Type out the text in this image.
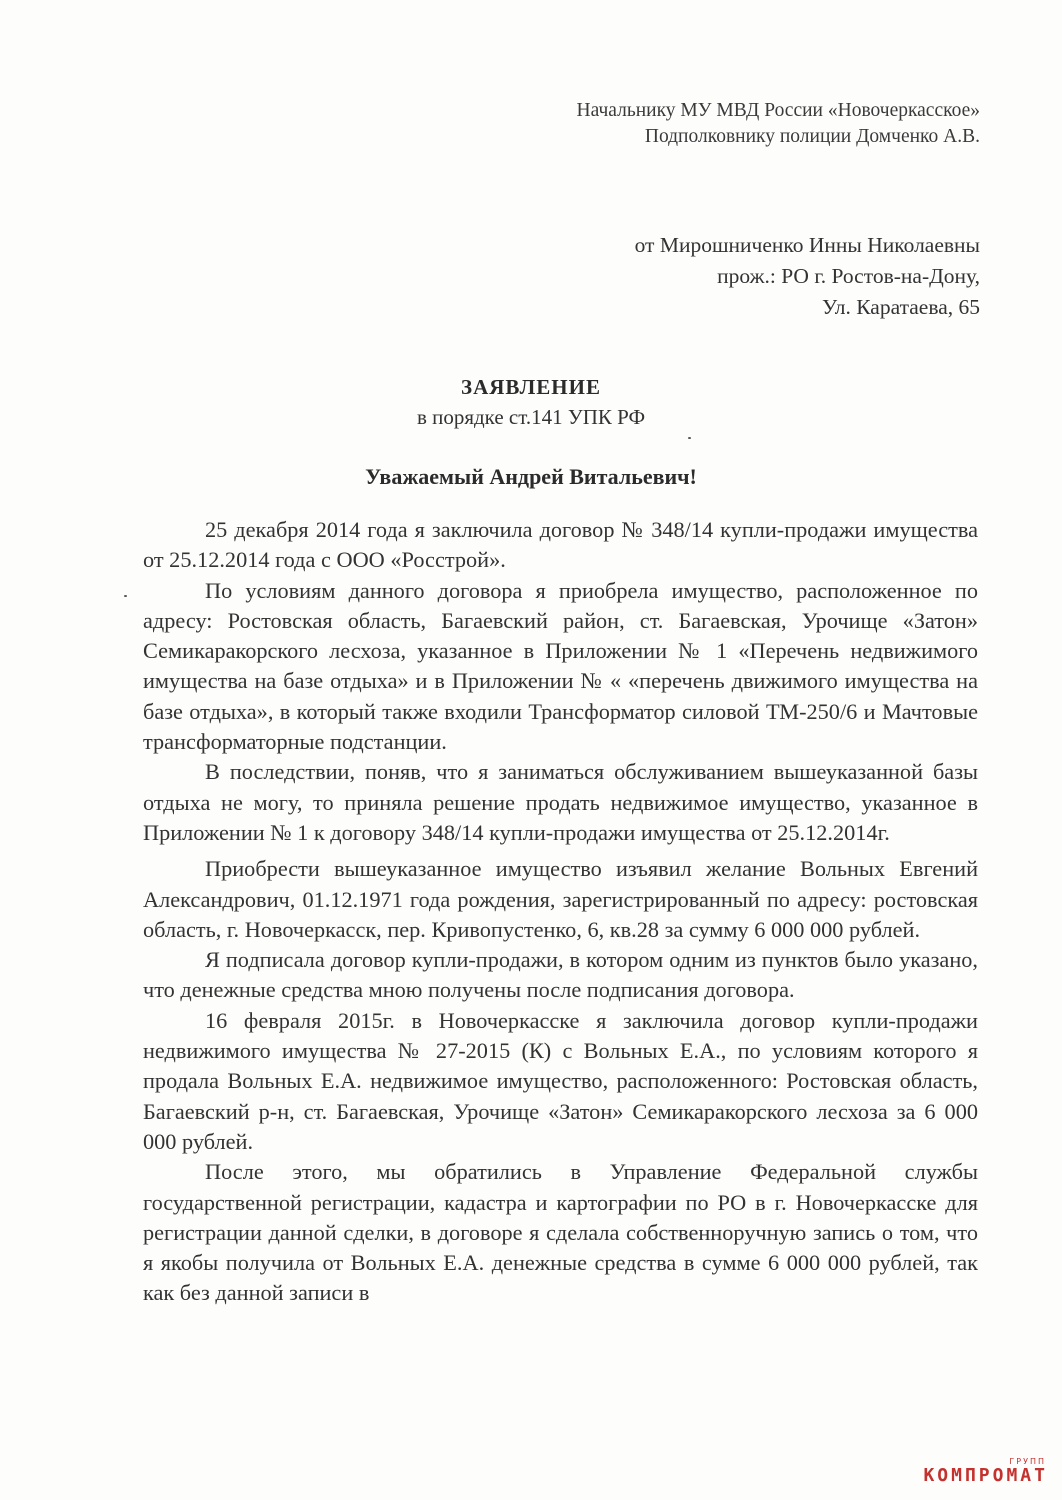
Начальнику МУ МВД России «Новочеркасское»
Подполковнику полиции Домченко А.В.
от Мирошниченко Инны Николаевны
прож.: РО г. Ростов-на-Дону,
Ул. Каратаева, 65
ЗАЯВЛЕНИЕ
в порядке ст.141 УПК РФ
Уважаемый Андрей Витальевич!

25 декабря 2014 года я заключила договор № 348/14 купли-продажи имущества от 25.12.2014 года с ООО «Росстрой».

По условиям данного договора я приобрела имущество, расположенное по адресу: Ростовская область, Багаевский район, ст. Багаевская, Урочище «Затон» Семикаракорского лесхоза, указанное в Приложении № 1 «Перечень недвижимого имущества на базе отдыха» и в Приложении № « «перечень движимого имущества на базе отдыха», в который также входили Трансформатор силовой ТМ-250/6 и Мачтовые трансформаторные подстанции.

В последствии, поняв, что я заниматься обслуживанием вышеуказанной базы отдыха не могу, то приняла решение продать недвижимое имущество, указанное в Приложении № 1 к договору 348/14 купли-продажи имущества от 25.12.2014г.

Приобрести вышеуказанное имущество изъявил желание Вольных Евгений Александрович, 01.12.1971 года рождения, зарегистрированный по адресу: ростовская область, г. Новочеркасск, пер. Кривопустенко, 6, кв.28 за сумму 6 000 000 рублей.

Я подписала договор купли-продажи, в котором одним из пунктов было указано, что денежные средства мною получены после подписания договора.

16 февраля 2015г. в Новочеркасске я заключила договор купли-продажи недвижимого имущества № 27-2015 (К) с Вольных Е.А., по условиям которого я продала Вольных Е.А. недвижимое имущество, расположенного: Ростовская область, Багаевский р-н, ст. Багаевская, Урочище «Затон» Семикаракорского лесхоза за 6 000 000 рублей.

После этого, мы обратились в Управление Федеральной службы государственной регистрации, кадастра и картографии по РО в г. Новочеркасске для регистрации данной сделки, в договоре я сделала собственноручную запись о том, что я якобы получила от Вольных Е.А. денежные средства в сумме 6 000 000 рублей, так как без данной записи в

ГРУПП
КОМПРОМАТ
